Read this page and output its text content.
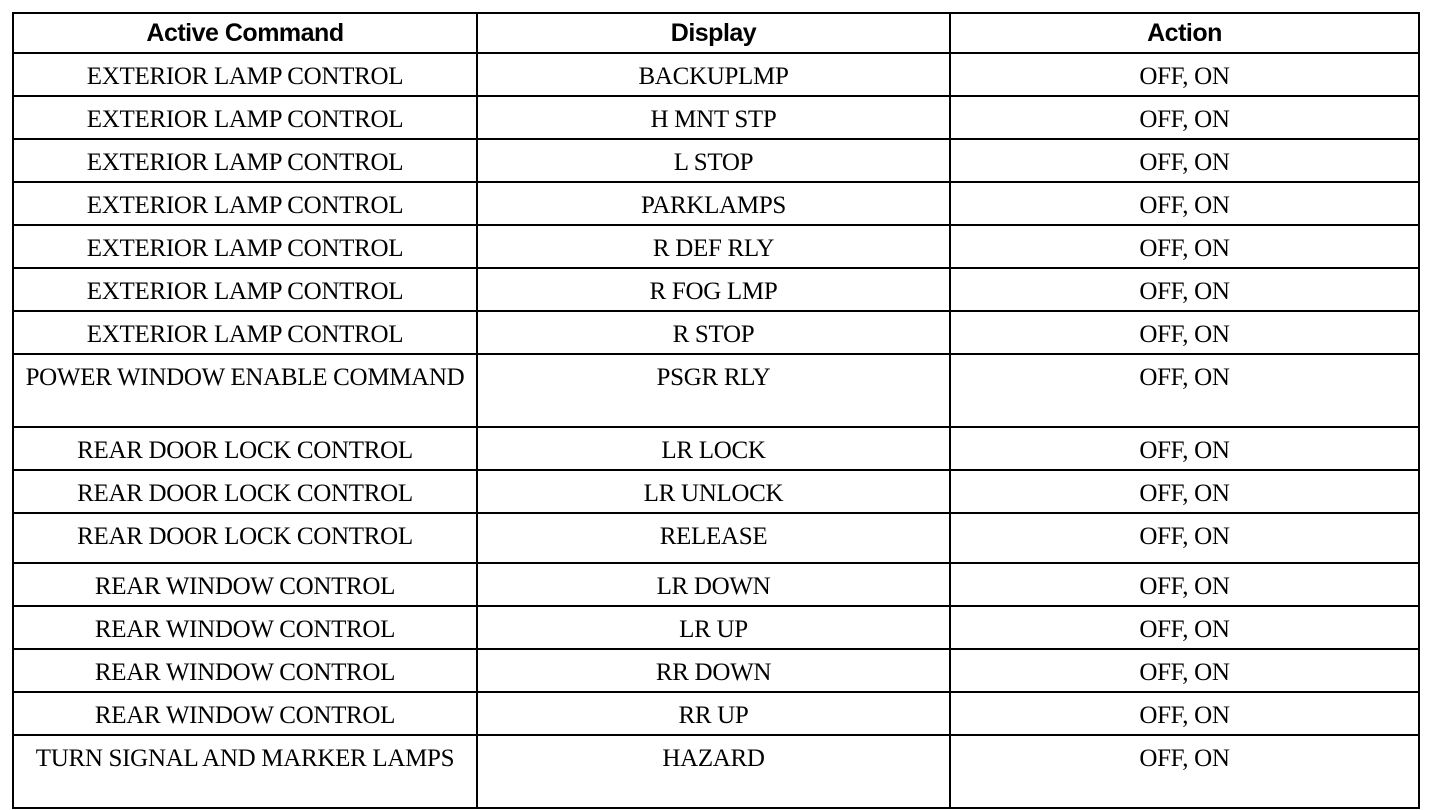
Active Command	Display	Action
EXTERIOR LAMP CONTROL	BACKUPLMP	OFF, ON
EXTERIOR LAMP CONTROL	H MNT STP	OFF, ON
EXTERIOR LAMP CONTROL	L STOP	OFF, ON
EXTERIOR LAMP CONTROL	PARKLAMPS	OFF, ON
EXTERIOR LAMP CONTROL	R DEF RLY	OFF, ON
EXTERIOR LAMP CONTROL	R FOG LMP	OFF, ON
EXTERIOR LAMP CONTROL	R STOP	OFF, ON
POWER WINDOW ENABLE COMMAND	PSGR RLY	OFF, ON
REAR DOOR LOCK CONTROL	LR LOCK	OFF, ON
REAR DOOR LOCK CONTROL	LR UNLOCK	OFF, ON
REAR DOOR LOCK CONTROL	RELEASE	OFF, ON
REAR WINDOW CONTROL	LR DOWN	OFF, ON
REAR WINDOW CONTROL	LR UP	OFF, ON
REAR WINDOW CONTROL	RR DOWN	OFF, ON
REAR WINDOW CONTROL	RR UP	OFF, ON
TURN SIGNAL AND MARKER LAMPS	HAZARD	OFF, ON
